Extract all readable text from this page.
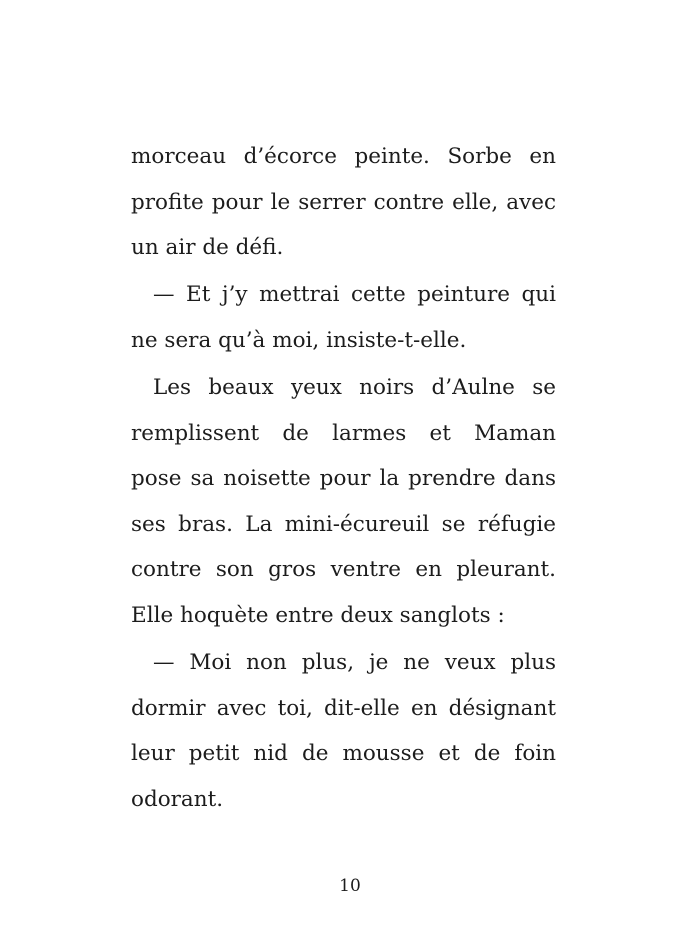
morceau d’écorce peinte. Sorbe en
profite pour le serrer contre elle, avec
un air de défi.

— Et j’y mettrai cette peinture qui
ne sera qu’à moi, insiste-t-elle.

Les beaux yeux noirs d’Aulne se
remplissent de larmes et Maman
pose sa noisette pour la prendre dans
ses bras. La mini-écureuil se réfugie
contre son gros ventre en pleurant.
Elle hoquète entre deux sanglots :

— Moi non plus, je ne veux plus
dormir avec toi, dit-elle en désignant
leur petit nid de mousse et de foin
odorant.

10
